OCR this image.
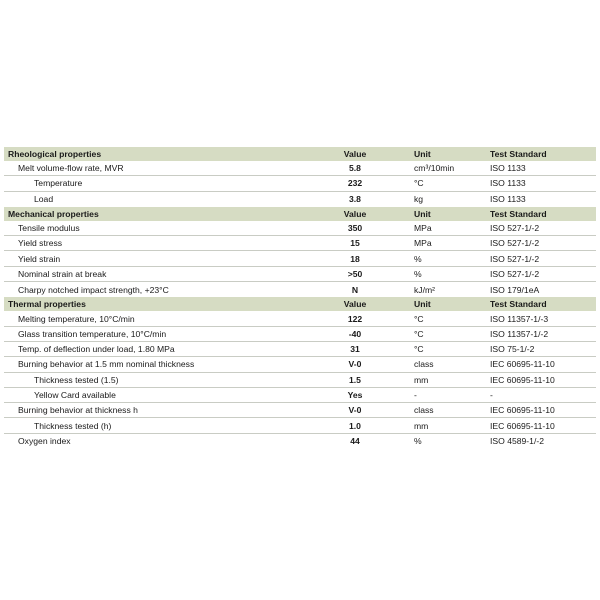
Rheological properties	Value	Unit	Test Standard
Melt volume-flow rate, MVR	5.8	cm³/10min	ISO 1133
Temperature	232	°C	ISO 1133
Load	3.8	kg	ISO 1133
Mechanical properties	Value	Unit	Test Standard
Tensile modulus	350	MPa	ISO 527-1/-2
Yield stress	15	MPa	ISO 527-1/-2
Yield strain	18	%	ISO 527-1/-2
Nominal strain at break	>50	%	ISO 527-1/-2
Charpy notched impact strength, +23°C	N	kJ/m²	ISO 179/1eA
Thermal properties	Value	Unit	Test Standard
Melting temperature, 10°C/min	122	°C	ISO 11357-1/-3
Glass transition temperature, 10°C/min	-40	°C	ISO 11357-1/-2
Temp. of deflection under load, 1.80 MPa	31	°C	ISO 75-1/-2
Burning behavior at 1.5 mm nominal thickness	V-0	class	IEC 60695-11-10
Thickness tested (1.5)	1.5	mm	IEC 60695-11-10
Yellow Card available	Yes	-	-
Burning behavior at thickness h	V-0	class	IEC 60695-11-10
Thickness tested (h)	1.0	mm	IEC 60695-11-10
Oxygen index	44	%	ISO 4589-1/-2
